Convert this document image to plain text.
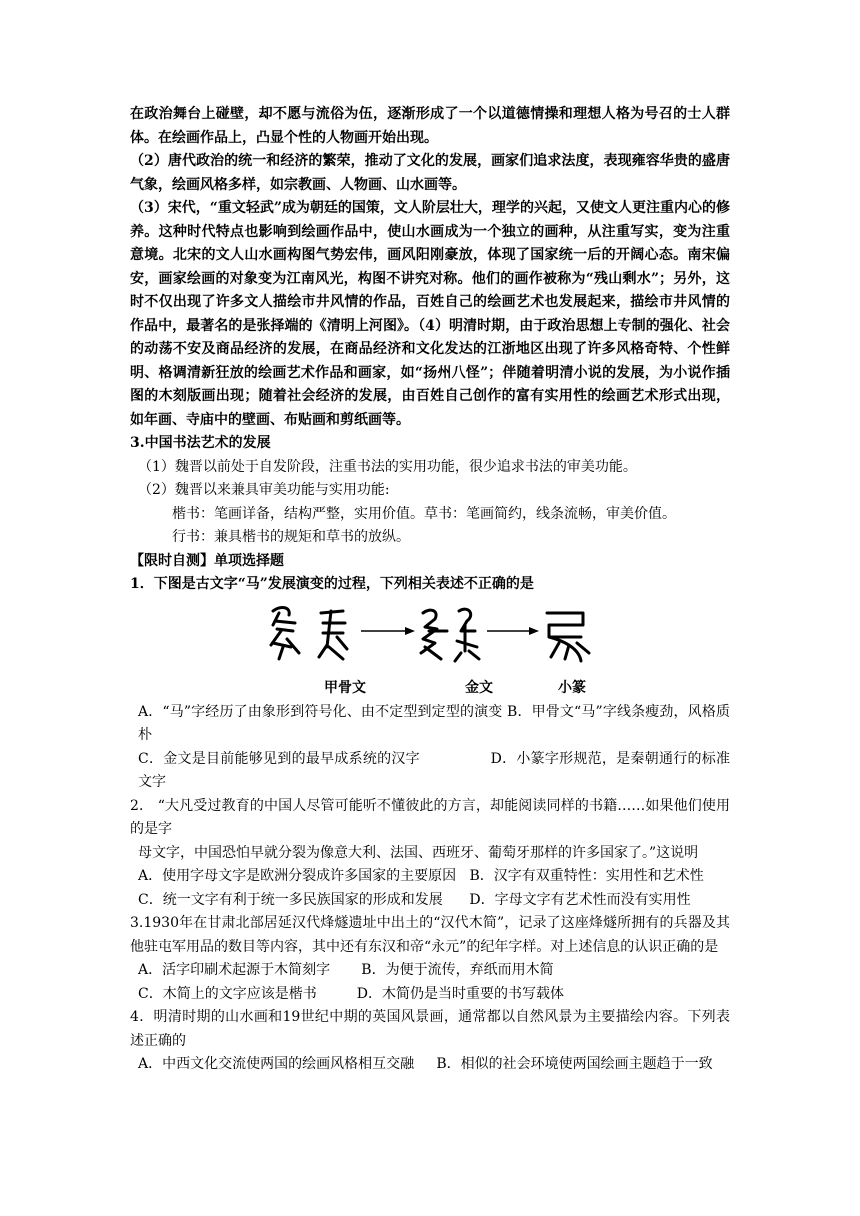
在政治舞台上碰壁，却不愿与流俗为伍，逐渐形成了一个以道德情操和理想人格为号召的士人群体。在绘画作品上，凸显个性的人物画开始出现。

（2）唐代政治的统一和经济的繁荣，推动了文化的发展，画家们追求法度，表现雍容华贵的盛唐气象，绘画风格多样，如宗教画、人物画、山水画等。

（3）宋代，“重文轻武”成为朝廷的国策，文人阶层壮大，理学的兴起，又使文人更注重内心的修养。这种时代特点也影响到绘画作品中，使山水画成为一个独立的画种，从注重写实，变为注重意境。北宋的文人山水画构图气势宏伟，画风阳刚豪放，体现了国家统一后的开阔心态。南宋偏安，画家绘画的对象变为江南风光，构图不讲究对称。他们的画作被称为“残山剩水”；另外，这时不仅出现了许多文人描绘市井风情的作品，百姓自己的绘画艺术也发展起来，描绘市井风情的作品中，最著名的是张择端的《清明上河图》。（4）明清时期，由于政治思想上专制的强化、社会的动荡不安及商品经济的发展，在商品经济和文化发达的江浙地区出现了许多风格奇特、个性鲜明、格调清新狂放的绘画艺术作品和画家，如“扬州八怪”；伴随着明清小说的发展，为小说作插图的木刻版画出现；随着社会经济的发展，由百姓自己创作的富有实用性的绘画艺术形式出现，如年画、寺庙中的壁画、布贴画和剪纸画等。

3.中国书法艺术的发展

（1）魏晋以前处于自发阶段，注重书法的实用功能，很少追求书法的审美功能。

（2）魏晋以来兼具审美功能与实用功能:

楷书：笔画详备，结构严整，实用价值。草书：笔画简约，线条流畅，审美价值。

行书：兼具楷书的规矩和草书的放纵。

【限时自测】单项选择题

1．下图是古文字“马”发展演变的过程，下列相关表述不正确的是

甲骨文	金文	小篆

A．“马”字经历了由象形到符号化、由不定型到定型的演变 B．甲骨文“马”字线条瘦劲，风格质朴

C．金文是目前能够见到的最早成系统的汉字	D．小篆字形规范，是秦朝通行的标准文字

2． “大凡受过教育的中国人尽管可能听不懂彼此的方言，却能阅读同样的书籍……如果他们使用的是字

母文字，中国恐怕早就分裂为像意大利、法国、西班牙、葡萄牙那样的许多国家了。”这说明

A．使用字母文字是欧洲分裂成许多国家的主要原因 B．汉字有双重特性：实用性和艺术性

C．统一文字有利于统一多民族国家的形成和发展 D．字母文字有艺术性而没有实用性

3.1930年在甘肃北部居延汉代烽燧遗址中出土的“汉代木简”，记录了这座烽燧所拥有的兵器及其他驻屯军用品的数目等内容，其中还有东汉和帝“永元”的纪年字样。对上述信息的认识正确的是

A．活字印刷术起源于木简刻字 B．为便于流传，弃纸而用木简

C．木简上的文字应该是楷书	D．木简仍是当时重要的书写载体

4．明清时期的山水画和19世纪中期的英国风景画，通常都以自然风景为主要描绘内容。下列表述正确的

A．中西文化交流使两国的绘画风格相互交融 B．相似的社会环境使两国绘画主题趋于一致
